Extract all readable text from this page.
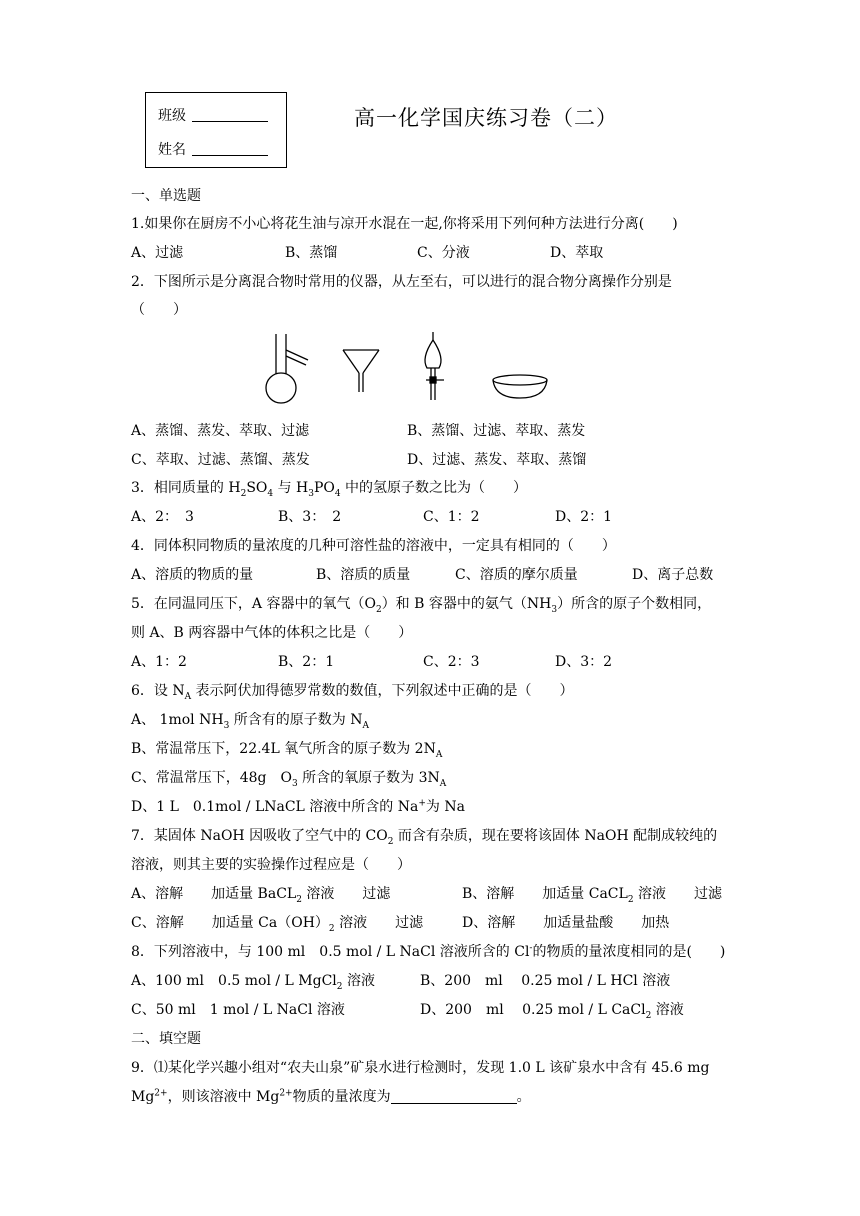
班级
姓名
高一化学国庆练习卷（二）
一、单选题
1.如果你在厨房不小心将花生油与凉开水混在一起,你将采用下列何种方法进行分离(　　)
A、过滤	B、蒸馏	C、分液	D、萃取
2．下图所示是分离混合物时常用的仪器，从左至右，可以进行的混合物分离操作分别是
（　　）
A、蒸馏、蒸发、萃取、过滤	B、蒸馏、过滤、萃取、蒸发
C、萃取、过滤、蒸馏、蒸发	D、过滤、蒸发、萃取、蒸馏
3．相同质量的 $H_2SO_4$ 与 $H_3PO_4$ 中的氢原子数之比为（　　）
A、2：　3	B、3：　2	C、1：2	D、2：1
4．同体积同物质的量浓度的几种可溶性盐的溶液中，一定具有相同的（　　）
A、溶质的物质的量	B、溶质的质量	C、溶质的摩尔质量	D、离子总数
5．在同温同压下，A 容器中的氧气$(O_2)$和 B 容器中的氨气$(NH_3)$所含的原子个数相同，
则 A、B 两容器中气体的体积之比是（　　）
A、1：2	B、2：1	C、2：3	D、3：2
6．设 $N_A$ 表示阿伏加得德罗常数的数值，下列叙述中正确的是（　　）
A、 1mol $NH_3$ 所含有的原子数为 $N_A$
B、常温常压下，22.4L 氧气所含的原子数为 $2N_A$
C、常温常压下，48g　$O_3$ 所含的氧原子数为 $3N_A$
D、1 L　0.1mol / LNaCL 溶液中所含的 Na+为 Na
7．某固体 NaOH 因吸收了空气中的 $CO_2$ 而含有杂质，现在要将该固体 NaOH 配制成较纯的
溶液，则其主要的实验操作过程应是（　　）
A、溶解　　加适量 BaCL$_2$ 溶液　　过滤	B、溶解　　加适量 CaCL$_2$ 溶液　　过滤
C、溶解　　加适量 $Ca(OH)_2$ 溶液　　过滤	D、溶解　　加适量盐酸　　加热
8．下列溶液中，与 100 ml　0.5 mol / L NaCl 溶液所含的 Cl-的物质的量浓度相同的是(　　)
A、100 ml　0.5 mol / L MgCl$_2$ 溶液	B、200　ml　 0.25 mol / L HCl 溶液
C、50 ml　1 mol / L NaCl 溶液	D、200　ml　 0.25 mol / L CaCl$_2$ 溶液
二、填空题
9．⑴某化学兴趣小组对“农夫山泉”矿泉水进行检测时，发现 1.0 L 该矿泉水中含有 45.6 mg
$Mg^{2+}$，则该溶液中 $Mg^{2+}$物质的量浓度为	。
